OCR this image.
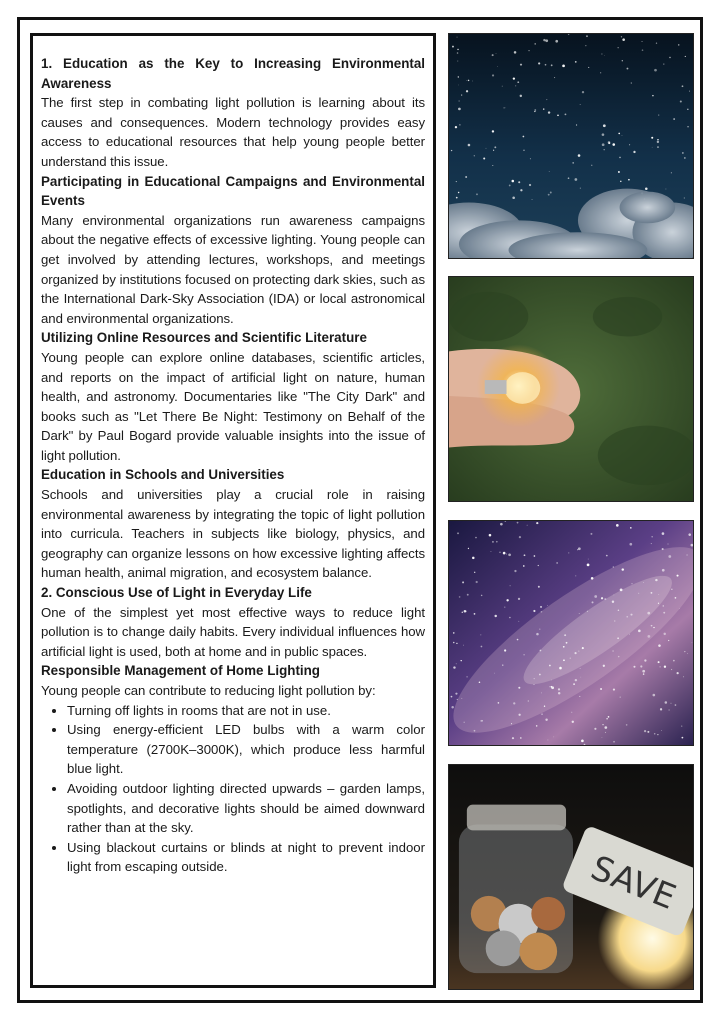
1. Education as the Key to Increasing Environmental Awareness

The first step in combating light pollution is learning about its causes and consequences. Modern technology provides easy access to educational resources that help young people better understand this issue.

Participating in Educational Campaigns and Environmental Events

Many environmental organizations run awareness campaigns about the negative effects of excessive lighting. Young people can get involved by attending lectures, workshops, and meetings organized by institutions focused on protecting dark skies, such as the International Dark-Sky Association (IDA) or local astronomical and environmental organizations.

Utilizing Online Resources and Scientific Literature

Young people can explore online databases, scientific articles, and reports on the impact of artificial light on nature, human health, and astronomy. Documentaries like "The City Dark" and books such as "Let There Be Night: Testimony on Behalf of the Dark" by Paul Bogard provide valuable insights into the issue of light pollution.

Education in Schools and Universities

Schools and universities play a crucial role in raising environmental awareness by integrating the topic of light pollution into curricula. Teachers in subjects like biology, physics, and geography can organize lessons on how excessive lighting affects human health, animal migration, and ecosystem balance.

2. Conscious Use of Light in Everyday Life

One of the simplest yet most effective ways to reduce light pollution is to change daily habits. Every individual influences how artificial light is used, both at home and in public spaces.

Responsible Management of Home Lighting

Young people can contribute to reducing light pollution by:

• Turning off lights in rooms that are not in use.
• Using energy-efficient LED bulbs with a warm color temperature (2700K–3000K), which produce less harmful blue light.
• Avoiding outdoor lighting directed upwards – garden lamps, spotlights, and decorative lights should be aimed downward rather than at the sky.
• Using blackout curtains or blinds at night to prevent indoor light from escaping outside.	SAVE
